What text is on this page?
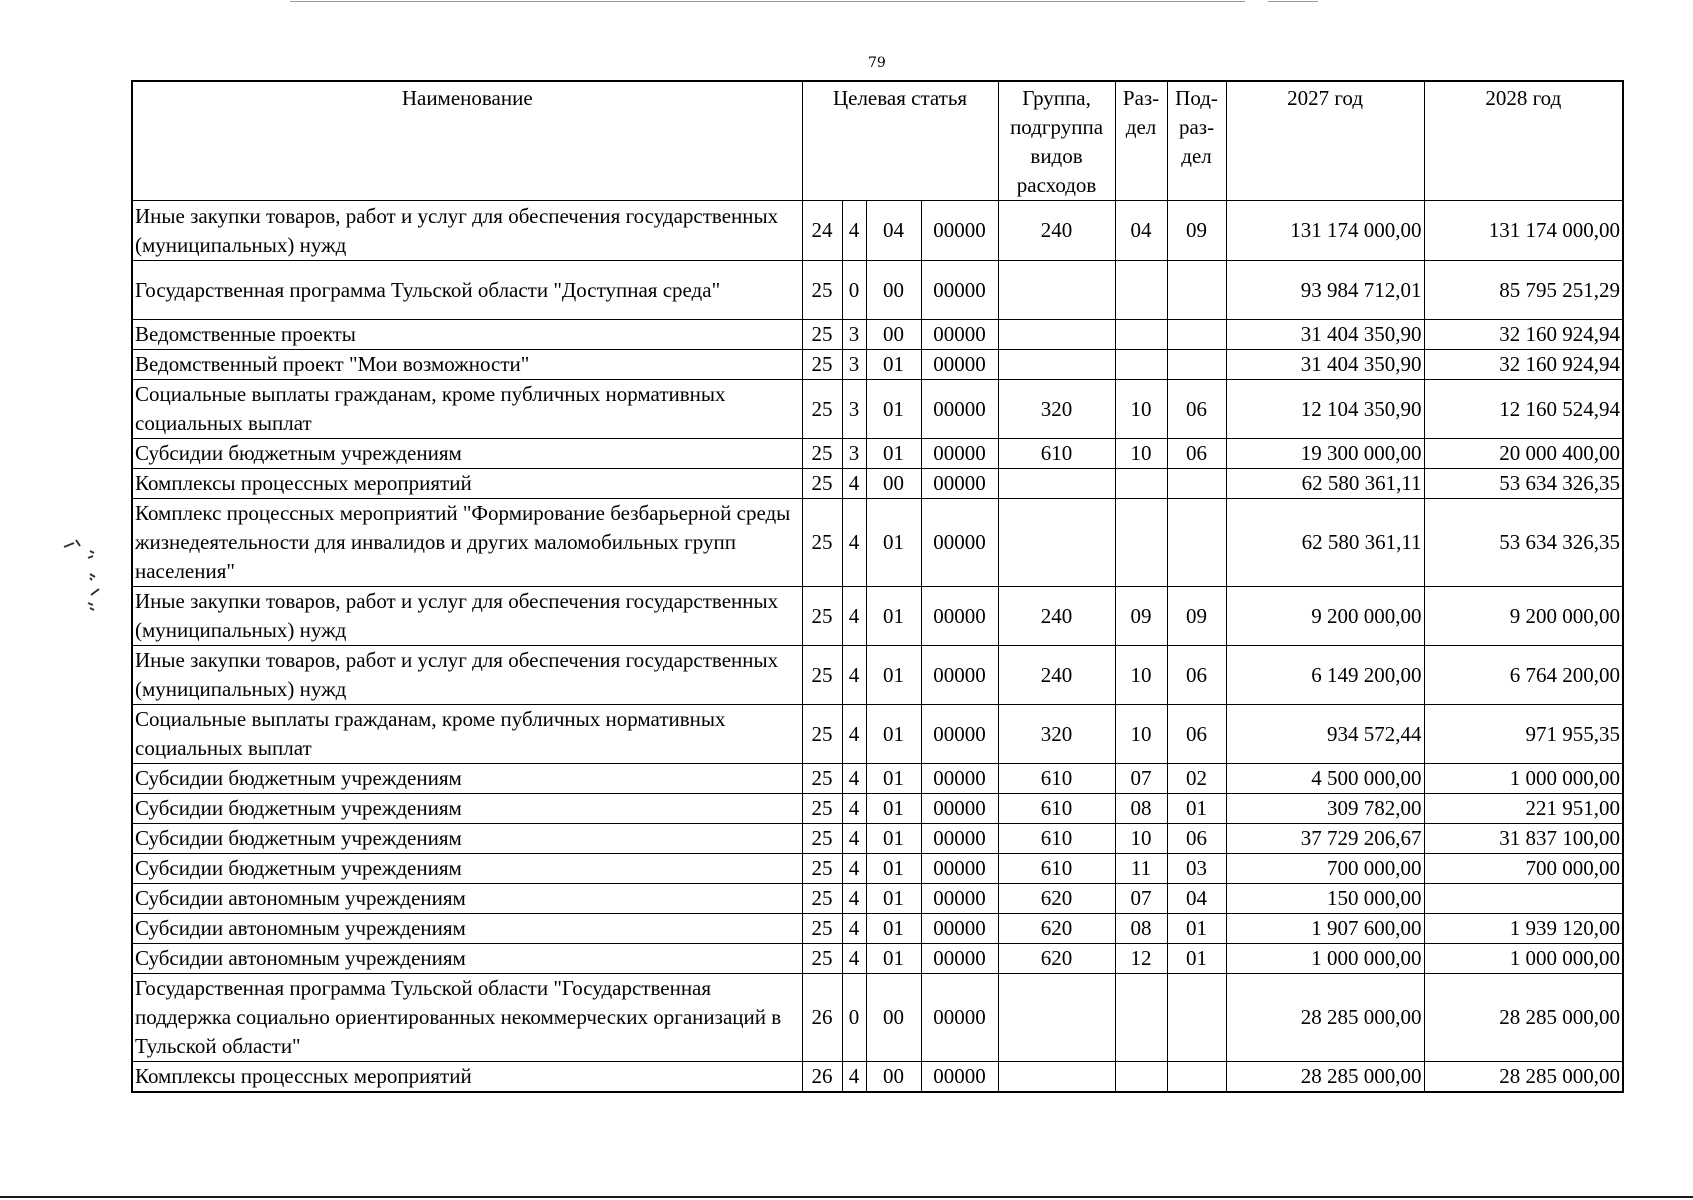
79
Наименование	Целевая статья				Группа, подгруппа видов расходов	Раз-дел	Под-раз-дел	2027 год	2028 год
Иные закупки товаров, работ и услуг для обеспечения государственных (муниципальных) нужд	24	4	04	00000	240	04	09	131 174 000,00	131 174 000,00
Государственная программа Тульской области "Доступная среда"	25	0	00	00000				93 984 712,01	85 795 251,29
Ведомственные проекты	25	3	00	00000				31 404 350,90	32 160 924,94
Ведомственный проект "Мои возможности"	25	3	01	00000				31 404 350,90	32 160 924,94
Социальные выплаты гражданам, кроме публичных нормативных социальных выплат	25	3	01	00000	320	10	06	12 104 350,90	12 160 524,94
Субсидии бюджетным учреждениям	25	3	01	00000	610	10	06	19 300 000,00	20 000 400,00
Комплексы процессных мероприятий	25	4	00	00000				62 580 361,11	53 634 326,35
Комплекс процессных мероприятий "Формирование безбарьерной среды жизнедеятельности для инвалидов и других маломобильных групп населения"	25	4	01	00000				62 580 361,11	53 634 326,35
Иные закупки товаров, работ и услуг для обеспечения государственных (муниципальных) нужд	25	4	01	00000	240	09	09	9 200 000,00	9 200 000,00
Иные закупки товаров, работ и услуг для обеспечения государственных (муниципальных) нужд	25	4	01	00000	240	10	06	6 149 200,00	6 764 200,00
Социальные выплаты гражданам, кроме публичных нормативных социальных выплат	25	4	01	00000	320	10	06	934 572,44	971 955,35
Субсидии бюджетным учреждениям	25	4	01	00000	610	07	02	4 500 000,00	1 000 000,00
Субсидии бюджетным учреждениям	25	4	01	00000	610	08	01	309 782,00	221 951,00
Субсидии бюджетным учреждениям	25	4	01	00000	610	10	06	37 729 206,67	31 837 100,00
Субсидии бюджетным учреждениям	25	4	01	00000	610	11	03	700 000,00	700 000,00
Субсидии автономным учреждениям	25	4	01	00000	620	07	04	150 000,00	
Субсидии автономным учреждениям	25	4	01	00000	620	08	01	1 907 600,00	1 939 120,00
Субсидии автономным учреждениям	25	4	01	00000	620	12	01	1 000 000,00	1 000 000,00
Государственная программа Тульской области "Государственная поддержка социально ориентированных некоммерческих организаций в Тульской области"	26	0	00	00000				28 285 000,00	28 285 000,00
Комплексы процессных мероприятий	26	4	00	00000				28 285 000,00	28 285 000,00
